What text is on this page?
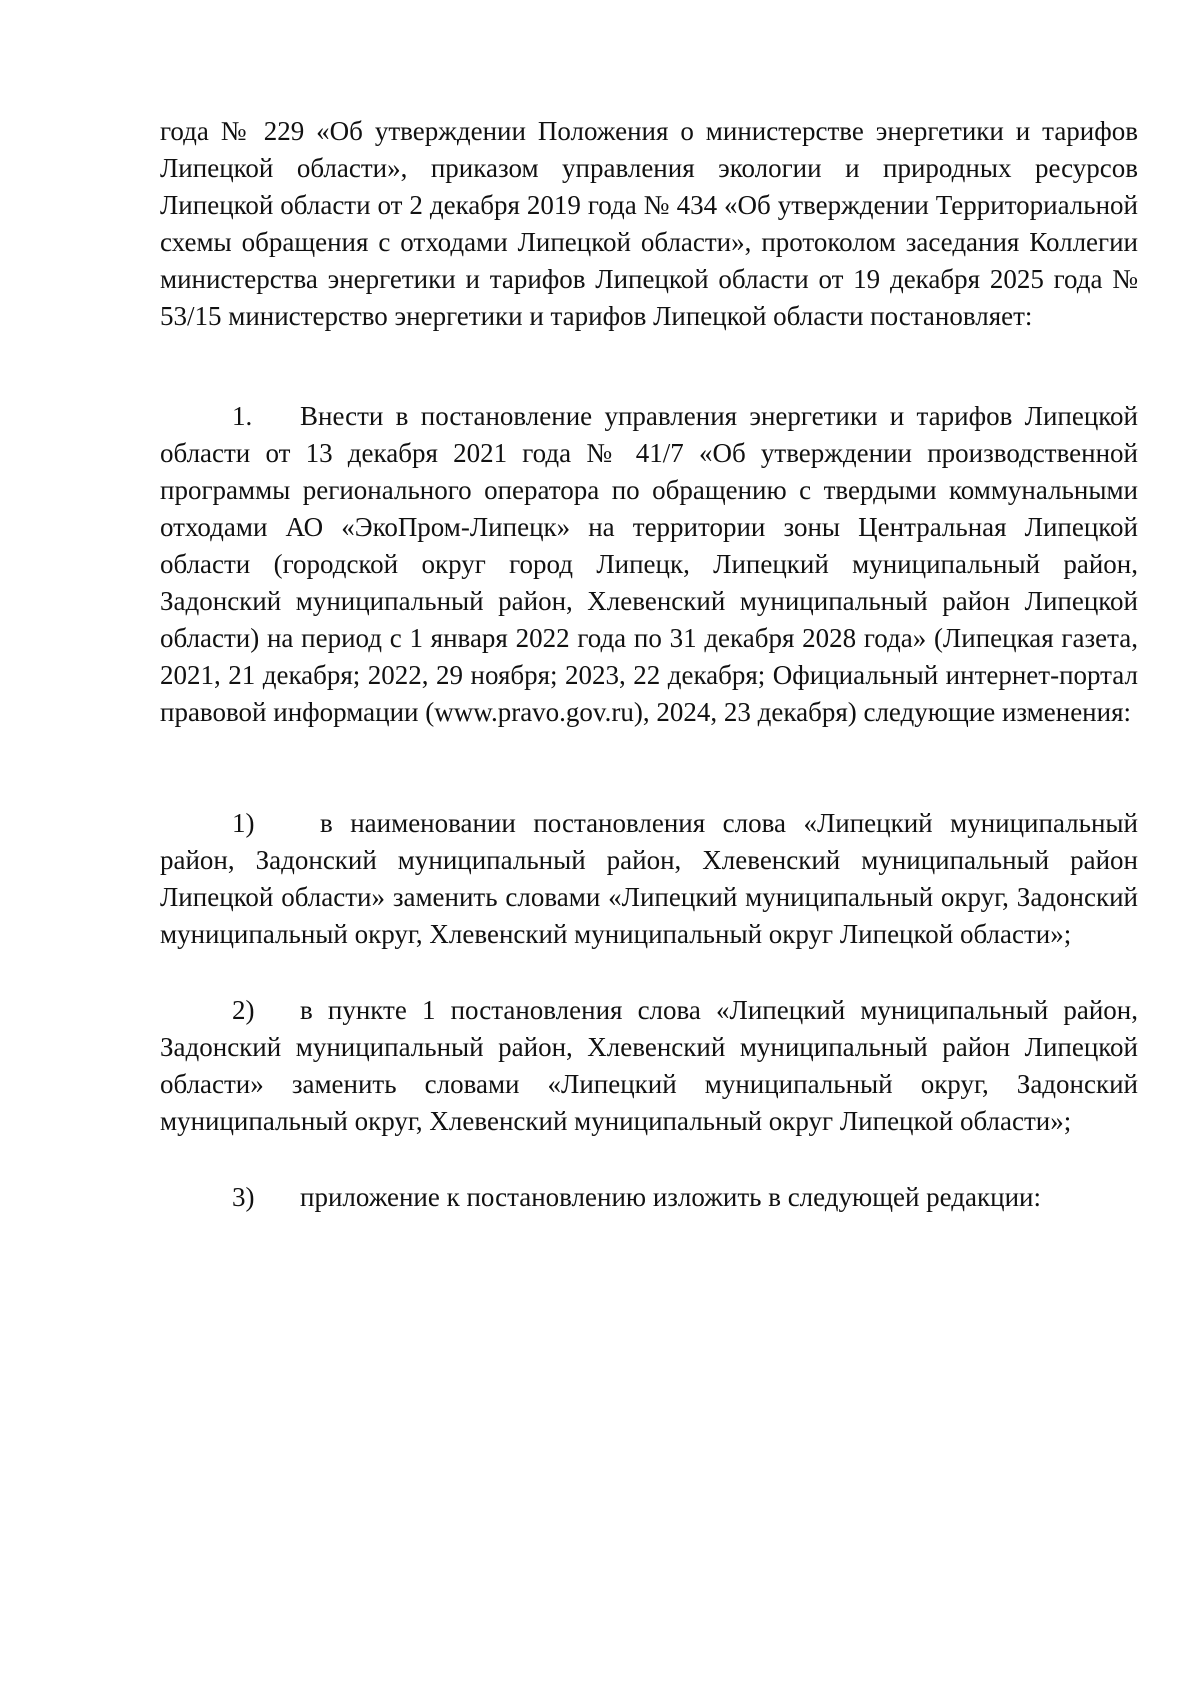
года № 229 «Об утверждении Положения о министерстве энергетики и тарифов Липецкой области», приказом управления экологии и природных ресурсов Липецкой области от 2 декабря 2019 года № 434 «Об утверждении Территориальной схемы обращения с отходами Липецкой области», протоколом заседания Коллегии министерства энергетики и тарифов Липецкой области от 19 декабря 2025 года № 53/15 министерство энергетики и тарифов Липецкой области постановляет:

1. Внести в постановление управления энергетики и тарифов Липецкой области от 13 декабря 2021 года № 41/7 «Об утверждении производственной программы регионального оператора по обращению с твердыми коммунальными отходами АО «ЭкоПром-Липецк» на территории зоны Центральная Липецкой области (городской округ город Липецк, Липецкий муниципальный район, Задонский муниципальный район, Хлевенский муниципальный район Липецкой области) на период с 1 января 2022 года по 31 декабря 2028 года» (Липецкая газета, 2021, 21 декабря; 2022, 29 ноября; 2023, 22 декабря; Официальный интернет-портал правовой информации (www.pravo.gov.ru), 2024, 23 декабря) следующие изменения:

1) в наименовании постановления слова «Липецкий муниципальный район, Задонский муниципальный район, Хлевенский муниципальный район Липецкой области» заменить словами «Липецкий муниципальный округ, Задонский муниципальный округ, Хлевенский муниципальный округ Липецкой области»;

2) в пункте 1 постановления слова «Липецкий муниципальный район, Задонский муниципальный район, Хлевенский муниципальный район Липецкой области» заменить словами «Липецкий муниципальный округ, Задонский муниципальный округ, Хлевенский муниципальный округ Липецкой области»;

3) приложение к постановлению изложить в следующей редакции:
